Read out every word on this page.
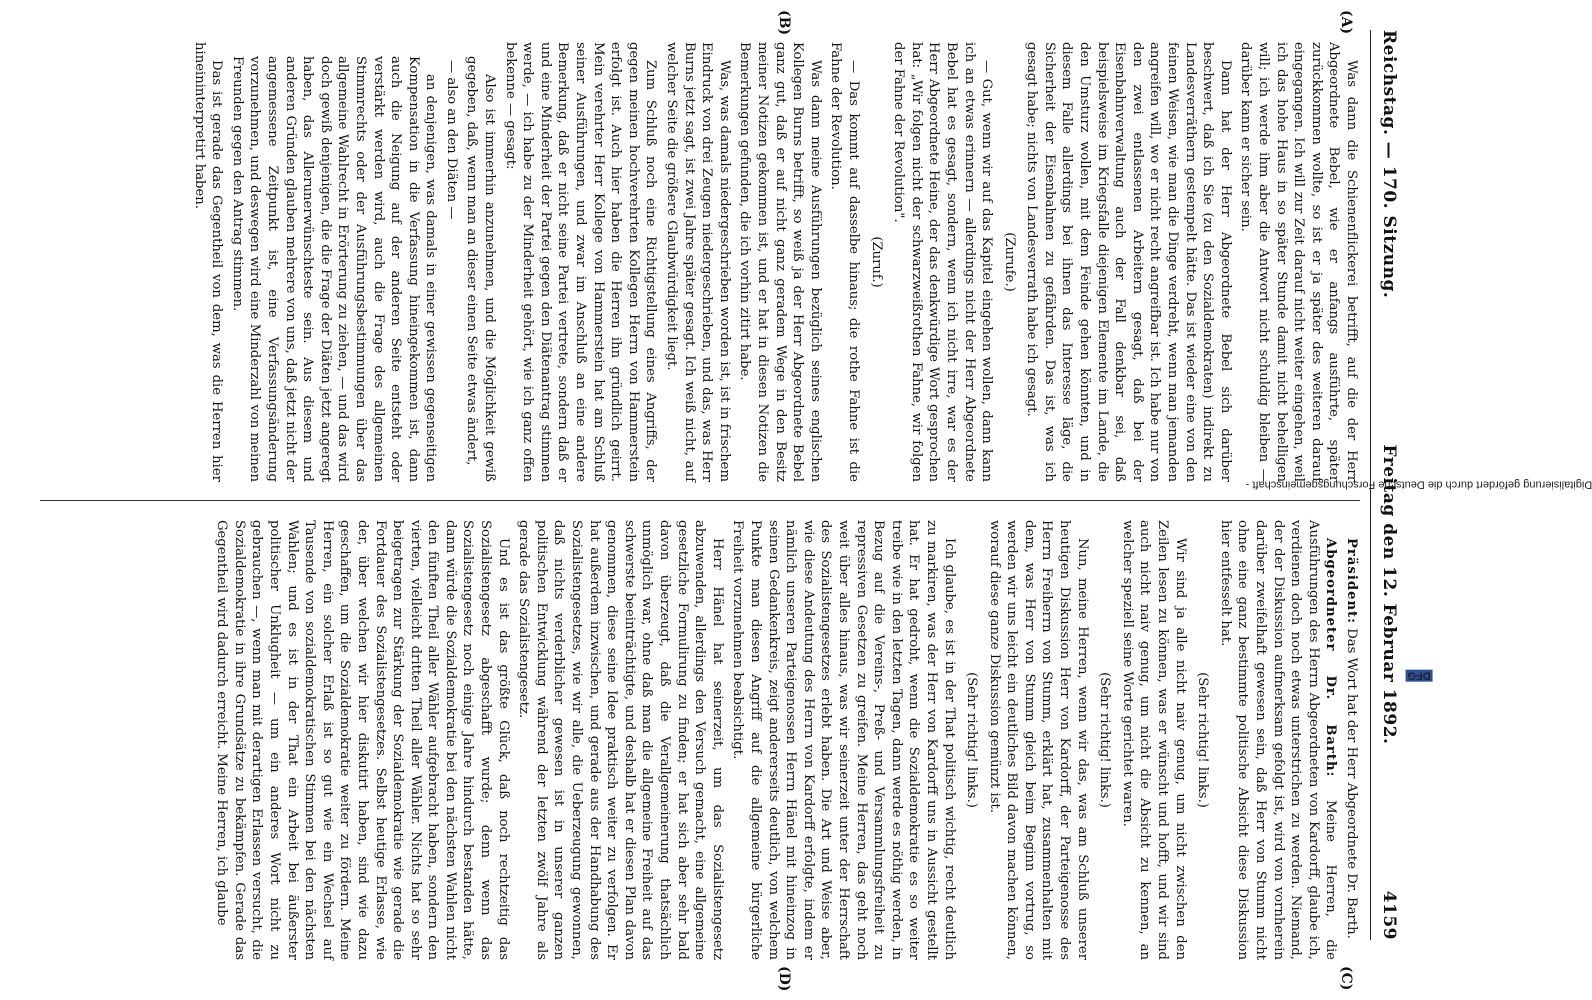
Reichstag. — 170. Sitzung.
Freitag den 12. Februar 1892.
4159
(A)
(B)
(C)
(D)

Was dann die Schienenflickerei betrifft, auf die der Herr Abgeordnete Bebel, wie er anfangs ausführte, später zurückkommen wollte, so ist er ja später des weiteren darauf eingegangen. Ich will zur Zeit darauf nicht weiter eingehen, weil ich das hohe Haus in so später Stunde damit nicht behelligen will; ich werde ihm aber die Antwort nicht schuldig bleiben — darüber kann er sicher sein.

Dann hat der Herr Abgeordnete Bebel sich darüber beschwert, daß ich Sie (zu den Sozialdemokraten) indirekt zu Landesverräthern gestempelt hätte. Das ist wieder eine von den feinen Weisen, wie man die Dinge verdreht, wenn man jemanden angreifen will, wo er nicht recht angreifbar ist. Ich habe nur von den zwei entlassenen Arbeitern gesagt, daß bei der Eisenbahnverwaltung auch der Fall denkbar sei, daß beispielsweise im Kriegsfalle diejenigen Elemente im Lande, die den Umsturz wollen, mit dem Feinde gehen könnten, und in diesem Falle allerdings bei ihnen das Interesse läge, die Sicherheit der Eisenbahnen zu gefährden. Das ist, was ich gesagt habe; nichts von Landesverrath habe ich gesagt.

(Zurufe.)

— Gut, wenn wir auf das Kapitel eingehen wollen, dann kann ich an etwas erinnern — allerdings nicht der Herr Abgeordnete Bebel hat es gesagt, sondern, wenn ich nicht irre, war es der Herr Abgeordnete Heine, der das denkwürdige Wort gesprochen hat: „Wir folgen nicht der schwarzweißrothen Fahne, wir folgen der Fahne der Revolution".

(Zuruf.)

— Das kommt auf dasselbe hinaus; die rothe Fahne ist die Fahne der Revolution.

Was dann meine Ausführungen bezüglich seines englischen Kollegen Burns betrifft, so weiß ja der Herr Abgeordnete Bebel ganz gut, daß er auf nicht ganz geradem Wege in den Besitz meiner Notizen gekommen ist, und er hat in diesen Notizen die Bemerkungen gefunden, die ich vorhin zitirt habe.

Was, was damals niedergeschrieben worden ist, ist in frischem Eindruck von drei Zeugen niedergeschrieben, und das, was Herr Burns jetzt sagt, ist zwei Jahre später gesagt. Ich weiß nicht, auf welcher Seite die größere Glaubwürdigkeit liegt.

Zum Schluß noch eine Richtigstellung eines Angriffs, der gegen meinen hochverehrten Kollegen Herrn von Hammerstein erfolgt ist. Auch hier haben die Herren ihn gründlich geirrt. Mein verehrter Herr Kollege von Hammerstein hat am Schluß seiner Ausführungen, und zwar im Anschluß an eine andere Bemerkung, daß er nicht seine Partei vertrete, sondern daß er und eine Minderheit der Partei gegen den Diätenantrag stimmen werde, — ich habe zu der Minderheit gehört, wie ich ganz offen bekenne — gesagt:

Also ist immerhin anzunehmen, und die Möglichkeit gewiß gegeben, daß, wenn man an dieser einen Seite etwas ändert,

— also an den Diäten —

an denjenigen, was damals in einer gewissen gegenseitigen Kompensation in die Verfassung hineingekommen ist, dann auch die Neigung auf der anderen Seite entsteht oder verstärkt werden wird, auch die Frage des allgemeinen Stimmrechts oder der Ausführungsbestimmungen über das allgemeine Wahlrecht in Erörterung zu ziehen, — und das wird doch gewiß denjenigen, die die Frage der Diäten jetzt angeregt haben, das Allerunerwünschteste sein. Aus diesem und anderen Gründen glauben mehrere von uns, daß jetzt nicht der angemessene Zeitpunkt ist, eine Verfassungsänderung vorzunehmen, und deswegen wird eine Minderzahl von meinen Freunden gegen den Antrag stimmen.

Das ist gerade das Gegentheil von dem, was die Herren hier hineininterpretirt haben.

Präsident: Das Wort hat der Herr Abgeordnete Dr. Barth.

Abgeordneter Dr. Barth: Meine Herren, die Ausführungen des Herrn Abgeordneten von Kardorff, glaube ich, verdienen doch noch etwas unterstrichen zu werden. Niemand, der der Diskussion aufmerksam gefolgt ist, wird von vornherein darüber zweifelhaft gewesen sein, daß Herr von Stumm nicht ohne eine ganz bestimmte politische Absicht diese Diskussion hier entfesselt hat.

(Sehr richtig! links.)

Wir sind ja alle nicht naiv genug, um nicht zwischen den Zeilen lesen zu können, was er wünscht und hofft, und wir sind auch nicht naiv genug, um nicht die Absicht zu kennen, an welcher speziell seine Worte gerichtet waren.

(Sehr richtig! links.)

Nun, meine Herren, wenn wir das, was am Schluß unserer heutigen Diskussion Herr von Kardorff, der Parteigenosse des Herrn Freiherrn von Stumm, erklärt hat, zusammenhalten mit dem, was Herr von Stumm gleich beim Beginn vortrug, so werden wir uns leicht ein deutliches Bild davon machen können, worauf diese ganze Diskussion gemünzt ist.

(Sehr richtig! links.)

Ich glaube, es ist in der That politisch wichtig, recht deutlich zu markiren, was der Herr von Kardorff uns in Aussicht gestellt hat. Er hat gedroht, wenn die Sozialdemokratie es so weiter treibe wie in den letzten Tagen, dann werde es nöthig werden, in Bezug auf die Vereins-, Preß- und Versammlungsfreiheit zu repressiven Gesetzen zu greifen. Meine Herren, das geht noch weit über alles hinaus, was wir seinerzeit unter der Herrschaft des Sozialistengesetzes erlebt haben. Die Art und Weise aber, wie diese Andeutung des Herrn von Kardorff erfolgte, indem er nämlich unseren Parteigenossen Herrn Hänel mit hineinzog in seinen Gedankenkreis, zeigt andererseits deutlich, von welchem Punkte man diesen Angriff auf die allgemeine bürgerliche Freiheit vorzunehmen beabsichtigt.

Herr Hänel hat seinerzeit, um das Sozialistengesetz abzuwenden, allerdings den Versuch gemacht, eine allgemeine gesetzliche Formulirung zu finden; er hat sich aber sehr bald davon überzeugt, daß die Verallgemeinerung thatsächlich unmöglich war, ohne daß man die allgemeine Freiheit auf das schwerste beeinträchtigte, und deshalb hat er diesen Plan davon genommen, diese seine Idee praktisch weiter zu verfolgen. Er hat außerdem inzwischen, und gerade aus der Handhabung des Sozialistengesetzes, wie wir alle, die Ueberzeugung gewonnen, daß nichts verderblicher gewesen ist in unserer ganzen politischen Entwicklung während der letzten zwölf Jahre als gerade das Sozialistengesetz.

Und es ist das größte Glück, daß noch rechtzeitig das Sozialistengesetz abgeschafft wurde; denn wenn das Sozialistengesetz noch einige Jahre hindurch bestanden hätte, dann würde die Sozialdemokratie bei den nächsten Wahlen nicht den fünften Theil aller Wähler aufgebracht haben, sondern den vierten, vielleicht dritten Theil aller Wähler. Nichts hat so sehr beigetragen zur Stärkung der Sozialdemokratie wie gerade die Fortdauer des Sozialistengesetzes. Selbst heutige Erlasse, wie der, über welchen wir hier diskutirt haben, sind wie dazu geschaffen, um die Sozialdemokratie weiter zu fördern. Meine Herren, ein solcher Erlaß ist so gut wie ein Wechsel auf Tausende von sozialdemokratischen Stimmen bei den nächsten Wahlen; und es ist in der That ein Arbeit bei äußerster politischer Unklugheit — um ein anderes Wort nicht zu gebrauchen —, wenn man mit derartigen Erlassen versucht, die Sozialdemokratie in ihre Grundsätze zu bekämpfen. Gerade das Gegentheil wird dadurch erreicht. Meine Herren, ich glaube

Digitalisierung gefördert durch die Deutsche Forschungsgemeinschaft -DFG
